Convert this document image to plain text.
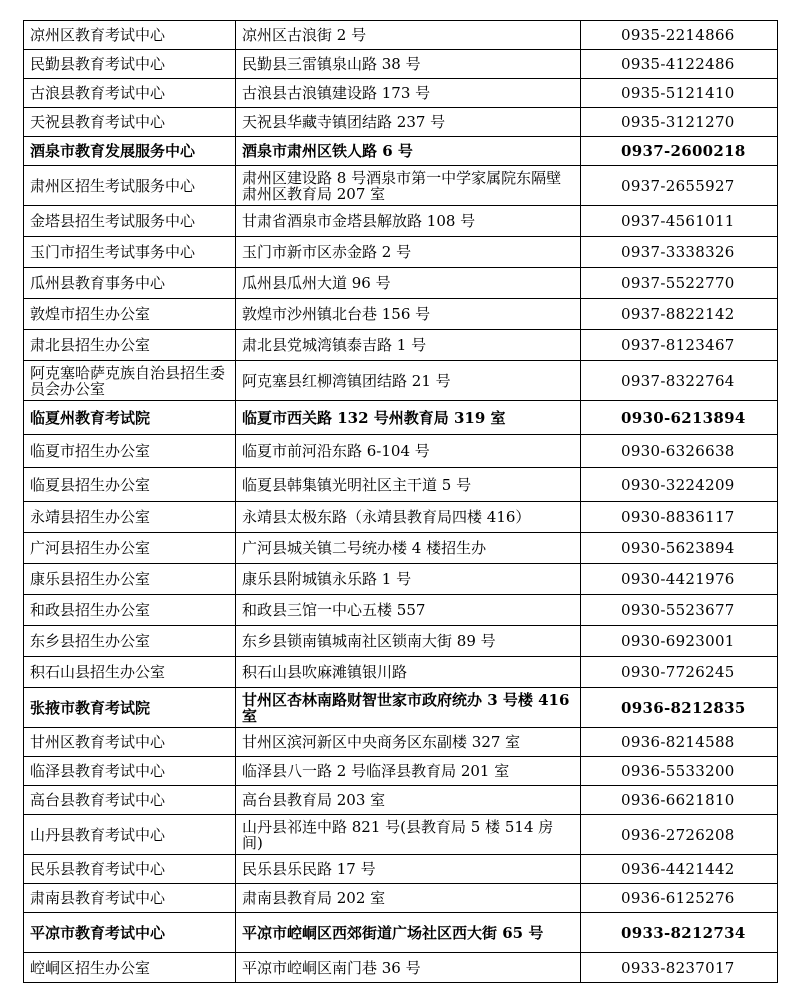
凉州区教育考试中心	凉州区古浪街 2 号	0935-2214866
民勤县教育考试中心	民勤县三雷镇泉山路 38 号	0935-4122486
古浪县教育考试中心	古浪县古浪镇建设路 173 号	0935-5121410
天祝县教育考试中心	天祝县华藏寺镇团结路 237 号	0935-3121270
酒泉市教育发展服务中心	酒泉市肃州区铁人路 6 号	0937-2600218
肃州区招生考试服务中心	肃州区建设路 8 号酒泉市第一中学家属院东隔壁肃州区教育局 207 室	0937-2655927
金塔县招生考试服务中心	甘肃省酒泉市金塔县解放路 108 号	0937-4561011
玉门市招生考试事务中心	玉门市新市区赤金路 2 号	0937-3338326
瓜州县教育事务中心	瓜州县瓜州大道 96 号	0937-5522770
敦煌市招生办公室	敦煌市沙州镇北台巷 156 号	0937-8822142
肃北县招生办公室	肃北县党城湾镇泰吉路 1 号	0937-8123467
阿克塞哈萨克族自治县招生委员会办公室	阿克塞县红柳湾镇团结路 21 号	0937-8322764
临夏州教育考试院	临夏市西关路 132 号州教育局 319 室	0930-6213894
临夏市招生办公室	临夏市前河沿东路 6-104 号	0930-6326638
临夏县招生办公室	临夏县韩集镇光明社区主干道 5 号	0930-3224209
永靖县招生办公室	永靖县太极东路（永靖县教育局四楼 416）	0930-8836117
广河县招生办公室	广河县城关镇二号统办楼 4 楼招生办	0930-5623894
康乐县招生办公室	康乐县附城镇永乐路 1 号	0930-4421976
和政县招生办公室	和政县三馆一中心五楼 557	0930-5523677
东乡县招生办公室	东乡县锁南镇城南社区锁南大街 89 号	0930-6923001
积石山县招生办公室	积石山县吹麻滩镇银川路	0930-7726245
张掖市教育考试院	甘州区杏林南路财智世家市政府统办 3 号楼 416 室	0936-8212835
甘州区教育考试中心	甘州区滨河新区中央商务区东副楼 327 室	0936-8214588
临泽县教育考试中心	临泽县八一路 2 号临泽县教育局 201 室	0936-5533200
高台县教育考试中心	高台县教育局 203 室	0936-6621810
山丹县教育考试中心	山丹县祁连中路 821 号(县教育局 5 楼 514 房间)	0936-2726208
民乐县教育考试中心	民乐县乐民路 17 号	0936-4421442
肃南县教育考试中心	肃南县教育局 202 室	0936-6125276
平凉市教育考试中心	平凉市崆峒区西郊街道广场社区西大街 65 号	0933-8212734
崆峒区招生办公室	平凉市崆峒区南门巷 36 号	0933-8237017
